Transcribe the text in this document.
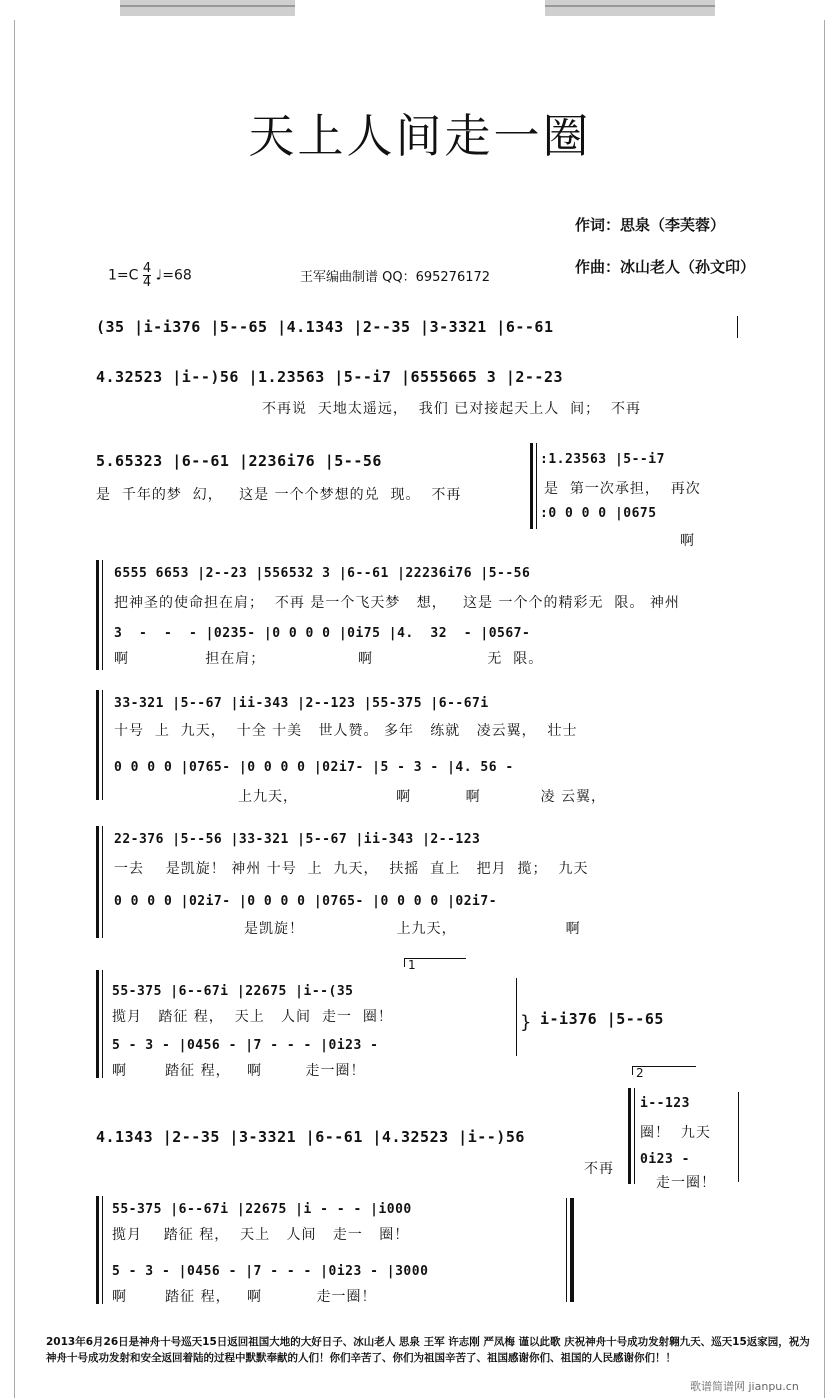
天上人间走一圈
作词：思泉（李芙蓉）
作曲：冰山老人（孙文印）
$1=C \frac{4}{4}$ ♩=68	王军编曲制谱 QQ：695276172
(35 |i-i376 |5--65 |4.1343 |2--35 |3-3321 |6--61
4.32523 |i--)56 |1.23563 |5--i7 |6555665 3 |2--23
不再说  天地太遥远，  我们 已对接起天上人  间；  不再
5.65323 |6--61 |2236i76 |5--56
是  千年的梦  幻，   这是 一个个梦想的兑  现。  不再
:1.23563 |5--i7
是  第一次承担，  再次
:0 0 0 0 |0675
啊
6555 6653 |2--23 |556532 3 |6--61 |22236i76 |5--56
把神圣的使命担在肩；  不再 是一个飞天梦   想，   这是 一个个的精彩无  限。 神州
3  -  -  - |0235- |0 0 0 0 |0i75 |4.  32  - |0567-
啊              担在肩；                 啊                     无  限。
33-321 |5--67 |ii-343 |2--123 |55-375 |6--67i
十号  上  九天，  十全 十美   世人赞。 多年   练就   凌云翼，  壮士
0 0 0 0 |0765- |0 0 0 0 |02i7- |5 - 3 - |4. 56 -
上九天，                  啊          啊           凌 云翼，
22-376 |5--56 |33-321 |5--67 |ii-343 |2--123
一去    是凯旋！ 神州 十号  上  九天，  扶摇  直上   把月  揽；  九天
0 0 0 0 |02i7- |0 0 0 0 |0765- |0 0 0 0 |02i7-
是凯旋！                 上九天，                    啊
1
55-375 |6--67i |22675 |i--(35
揽月   踏征 程，  天上   人间  走一  圈！
5 - 3 - |0456 - |7 - - - |0i23 -
啊       踏征 程，   啊        走一圈！
} i-i376 |5--65
4.1343 |2--35 |3-3321 |6--61 |4.32523 |i--)56
不再
2
i--123
圈！  九天
0i23 -
走一圈！
55-375 |6--67i |22675 |i - - - |i000
揽月    踏征 程，  天上   人间   走一   圈！
5 - 3 - |0456 - |7 - - - |0i23 - |3000
啊       踏征 程，   啊          走一圈！
2013年6月26日是神舟十号巡天15日返回祖国大地的大好日子、冰山老人 思泉 王军 许志刚 严凤梅 谨以此歌 庆祝神舟十号成功发射翱九天、巡天15返家园，祝为神舟十号成功发射和安全返回着陆的过程中默默奉献的人们！你们辛苦了、你们为祖国辛苦了、祖国感谢你们、祖国的人民感谢你们！！
歌谱简谱网 jianpu.cn
